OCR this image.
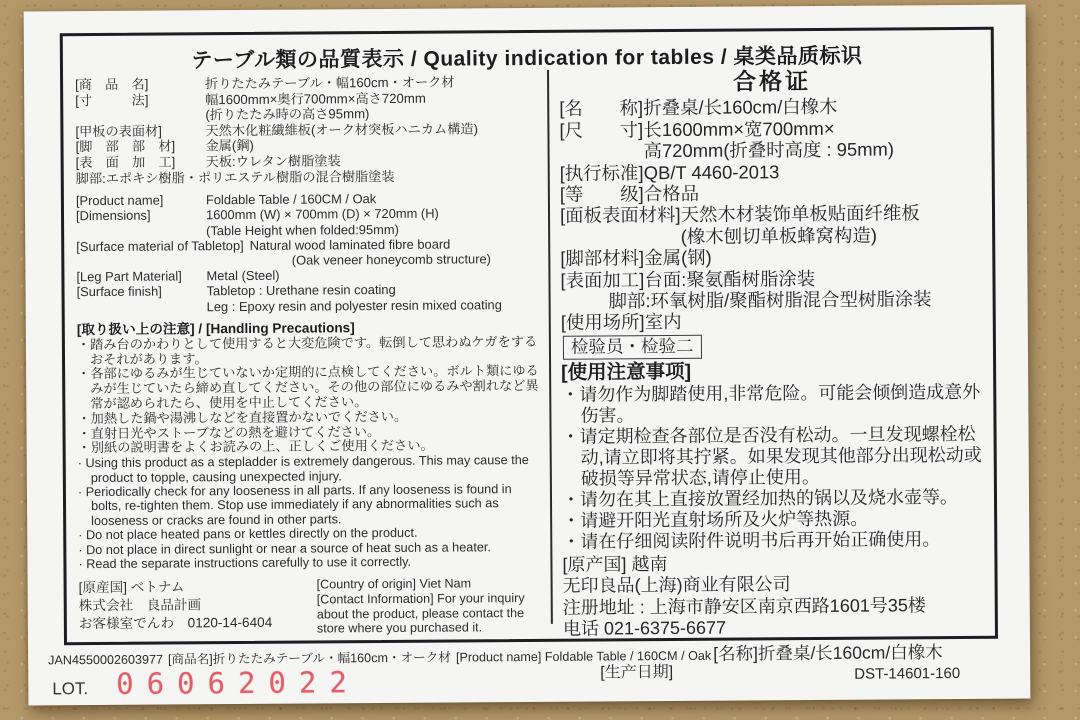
テーブル類の品質表示 / Quality indication for tables / 桌类品质标识
[商　品　名]	折りたたみテーブル・幅160cm・オーク材
[寸　　　法]	幅1600mm×奥行700mm×高さ720mm
(折りたたみ時の高さ95mm)
[甲板の表面材]	天然木化粧繊維板(オーク材突板ハニカム構造)
[脚　部　部　材]	金属(鋼)
[表　面　加　工]	天板:ウレタン樹脂塗装
脚部:エポキシ樹脂・ポリエステル樹脂の混合樹脂塗装
[Product name]	Foldable Table / 160CM / Oak
[Dimensions]	1600mm (W) × 700mm (D) × 720mm (H)
(Table Height when folded:95mm)
[Surface material of Tabletop] Natural wood laminated fibre board
(Oak veneer honeycomb structure)
[Leg Part Material]	Metal (Steel)
[Surface finish]	Tabletop : Urethane resin coating
Leg : Epoxy resin and polyester resin mixed coating
[取り扱い上の注意] / [Handling Precautions]
・踏み台のかわりとして使用すると大変危険です。転倒して思わぬケガをするおそれがあります。
・各部にゆるみが生じていないか定期的に点検してください。ボルト類にゆるみが生じていたら締め直してください。その他の部位にゆるみや割れなど異常が認められたら、使用を中止してください。
・加熱した鍋や湯沸しなどを直接置かないでください。
・直射日光やストーブなどの熱を避けてください。
・別紙の説明書をよくお読みの上、正しくご使用ください。
· Using this product as a stepladder is extremely dangerous. This may cause the product to topple, causing unexpected injury.
· Periodically check for any looseness in all parts. If any looseness is found in bolts, re-tighten them. Stop use immediately if any abnormalities such as looseness or cracks are found in other parts.
· Do not place heated pans or kettles directly on the product.
· Do not place in direct sunlight or near a source of heat such as a heater.
· Read the separate instructions carefully to use it correctly.
[原産国] ベトナム
株式会社　良品計画
お客様室でんわ　0120-14-6404
[Country of origin] Viet Nam
[Contact Information] For your inquiry about the product, please contact the store where you purchased it.
合格证
[名　　称] 折叠桌/长160cm/白橡木
[尺　　寸] 长1600mm×宽700mm×
高720mm(折叠时高度 : 95mm)
[执行标准] QB/T 4460-2013
[等　　级] 合格品
[面板表面材料] 天然木材装饰单板贴面纤维板
(橡木刨切单板蜂窝构造)
[脚部材料] 金属(钢)
[表面加工] 台面:聚氨酯树脂涂装
脚部:环氧树脂/聚酯树脂混合型树脂涂装
[使用场所] 室内
检验员・检验二
[使用注意事项]
・请勿作为脚踏使用,非常危险。可能会倾倒造成意外伤害。
・请定期检查各部位是否没有松动。一旦发现螺栓松动,请立即将其拧紧。如果发现其他部分出现松动或破损等异常状态,请停止使用。
・请勿在其上直接放置经加热的锅以及烧水壶等。
・请避开阳光直射场所及火炉等热源。
・请在仔细阅读附件说明书后再开始正确使用。
[原产国] 越南
无印良品(上海)商业有限公司
注册地址 : 上海市静安区南京西路1601号35楼
电话 021-6375-6677
JAN4550002603977 [商品名]折りたたみテーブル・幅160cm・オーク材 [Product name] Foldable Table / 160CM / Oak [名称]折叠桌/长160cm/白橡木
LOT. 06062022	[生产日期]	DST-14601-160
